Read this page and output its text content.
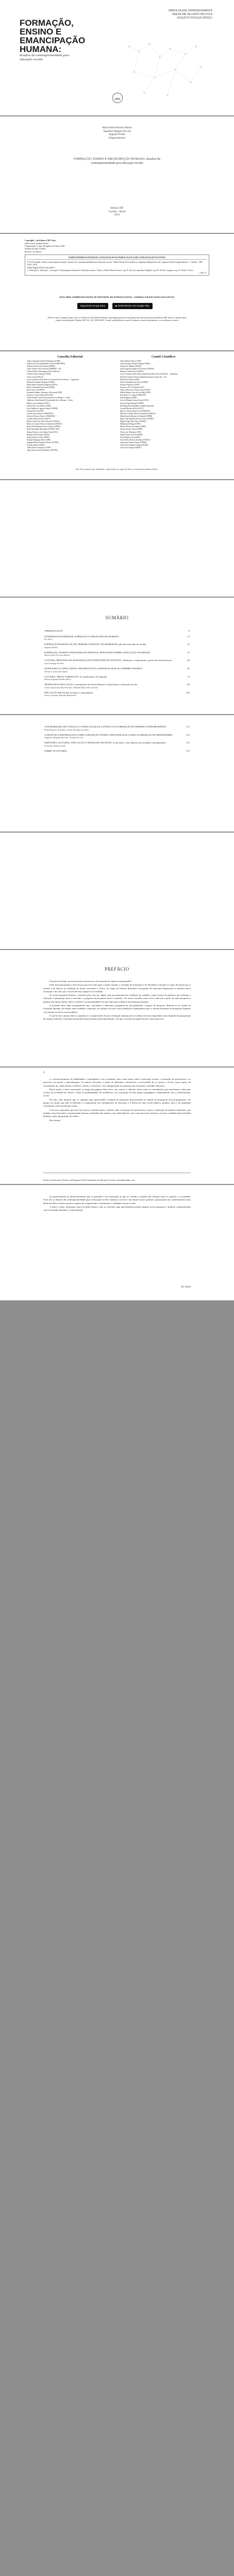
MARTA SILENE FERREIRA BARROS
JAQUELINE DELGADO PACCOLA
AUGUSTO PICKLER (ORGS.)
FORMAÇÃO, ENSINO E EMANCIPAÇÃO HUMANA:
desafios da contemporaneidade para educação escolar
CRV
Marta Silene Ferreira Barros
Jaqueline Delgado Paccola
Augusto Pickler
(Organizadores)
FORMAÇÃO, ENSINO E EMANCIPAÇÃO HUMANA: desafios da contemporaneidade para educação escolar
Editora CRV
Curitiba – Brasil
2019
Copyright © da Editora CRV Ltda.
Editor-chefe: Railson Moura
Diagramação e Capa: Designers da Editora CRV
Imagem da capa: Freepik
Revisão: Os Autores
DADOS INTERNACIONAIS DE CATALOGAÇÃO NA PUBLICAÇÃO (CIP) CATALOGAÇÃO NA FONTE
F723 Formação, ensino e emancipação humana: desafios da contemporaneidade para educação escolar / Marta Silene Ferreira Barros, Jaqueline Delgado Paccola, Augusto Pickler (organizadores) – Curitiba : CRV, 2019. 158 p.
ISBN Digital 978-85-444-3294-9
1. Educação 2. Educação – formação 3. Emancipação humana 4. Educação escolar I. Barros, Marta Silene Ferreira. org. II. Paccola, Jaqueline Delgado. org. III. Pickler, Augusto. org. IV. Título V. Série
CDU 37
ESTA OBRA TAMBÉM ENCONTRA-SE DISPONÍVEL EM FORMATO DIGITAL. CONHEÇA E BAIXE NOSSO APLICATIVO!
Disponível na App Store	▶ DISPONÍVEL NO Google Play
2019 Foi feito o depósito legal conf. Lei 10.994 de 14/12/2004 Proibida a reprodução parcial ou total desta obra sem autorização da Editora CRV Todos os direitos desta edição reservados pela: Editora CRV Tel.: (41) 3039-6418 - E-mail: sac@editoracrv.com.br Conheça os nossos lançamentos: www.editoracrv.com.br
Conselho Editorial:
Aldira Guimarães Duarte Domínguez (UNB)
Andréia da Silva Quintanilha Sousa (UNIR/UFRN)
Antônio Pereira Gaio Júnior (UFRRJ)
Carlos Alberto Vilar Estêvão (UMINHO – PT)
Carlos Federico Dominguez Avila (Unieuro)
Carmen Tereza Velanga (UNIR)
Celso Conti (UFSCar)
Cesar Gerónimo Tello (Univer. Nacional Três de Febrero – Argentina)
Eduardo Fernandes Barbosa (UFMG)
Elione Maria Nogueira Diogenes (UFAL)
Elizeu Clementino de Souza (UNEB)
Élsio José Corá (UFFS)
Fernando Antônio Gonçalves Alcoforado (IPB)
Francisco Carlos Duarte (PUC-PR)
Gloria Fariñas León (Universidade de La Havana – Cuba)
Guillermo Arias Beatón (Universidade de La Havana – Cuba)
Helmut von Linsingen (UFSC)
Jailson Alves dos Santos (UFRJ)
João Adalberto Campato Junior (UNESP)
Josania Portela (UFPI)
Leonel Severo Rocha (UNISINOS)
Lídia de Oliveira Xavier (UNIEURO)
Lourdes Helena da Silva (UFV)
Maria Cristina dos Santos Bezerra (UFSCar)
Maria de Lourdes Pinto de Almeida (UNOESC)
Maria Lília Imbiriba Sousa Colares (UFOPA)
Paulo Romualdo Hernandes (UNIFAL-MG)
Renato Francisco dos Santos Paula (UFG)
Rodrigo Pratte-Santos (UFES)
Sérgio Nunes de Jesus (IFRO)
Simone Rodrigues Pinto (UNB)
Solange Helena Ximenes-Rocha (UFOPA)
Sydione Santos (UEPG)
Tadeu Oliver Gonçalves (UFPA)
Tania Suely Azevedo Brasileiro (UFOPA)
Comitê Científico:
Altair Alberto Fávero (UPF)
Ana Chrystina Venancio Mignot (UERJ)
Andréia N. Militão (UEMS)
Anna Augusta Sampaio de Oliveira (UNESP)
Barbara Coelho Neves (UFBA)
Cesar Gerónimo Tello (Universidad Nacional de Três de Febrero – Argentina)
Diosnel Centurion (Universidad Americana de Asunción – Py)
Eliane Rose Maio (UEM)
Elizeu Clementino de Souza (UNEB)
Fauston Negreiros (UFPI)
Francisco Ari de Andrade (UFC)
Gláucia Maria dos Santos Jorge (UFOP)
Helder Buenos Aires de Carvalho (UFPI)
Ilma Passos A. Veiga (UNICEUB)
Inês Bragança (UERJ)
José de Ribamar Sousa Pereira (UCB)
Jussara Fraga Portugal (UNEB)
Kilwangy Kya Kapitango-a-Samba (Unemat)
Lourdes Helena da Silva (UFV)
Marcos Vinicius Francisco (UNOESTE)
Maria de Lourdes Pinto de Almeida (UNOESC)
Maria Eurácia Barreto de Andrade (UFRB)
Maria Lília Imbiriba Sousa Colares (UFOPA)
Míguel Angel Díaz-Pérez (UFSM)
Mohammed Elhajji (UFRJ)
Mônica Pereira dos Santos (UFRJ)
Najela Tavares Ujiie (UTFPR)
Nilson José Machado (USP)
Sérgio Nunes de Jesus (IFRO)
Silvia Regina Canan (URI)
Sonia Maria Ferreira Koehler (UNISAL)
Suzana dos Santos Gomes (UFMG)
Vânia Alves Martins Chaigar (FURG)
Vera Lucia Gaspar (UDESC)
Este livro passou por avaliação e aprovação às cegas de dois ou mais pareceristas ad hoc.
SUMÁRIO
APRESENTAÇÃO	9
INTERDISCIPLINARIDADE, FORMAÇÃO E EMANCIPAÇÃO HUMANA	13
Ivo Tonet
FORMAÇÃO HUMANA OU DO ORDEIRO CIDADÃO: DO HOMEM DE ação desconectado do sentido	21
Augusto Pickler
FORMAÇÃO, ENSINO E EMANCIPAÇÃO HUMANA: REFLEXÕES SOBRE A EDUCAÇÃO NO BRASIL	37
Marta Silene Ferreira Barros
CULTURA, PROCESSO DE HUMANIZAÇÃO E EMANCIPAÇÃO POLÍTICA: definição e compreensão a partir da teoria marxista	49
Luiz Gonzaga da Silva
QUEM EDUCA O EDUCADOR? UMA REFLEXÃO A PARTIR DO DIÁLOGO FREIRE-GRAMSCI	61
Antonio Carlos dos Santos
CULTURA, ARTE E FORMAÇÃO: as contribuições de Vygotski	75
Marisa Eugênia Melillo Meira
TRABALHO E EDUCAÇÃO: contribuições da Teoria Histórico-Cultural para a educação escolar	89
Cássia Aparecida Sala Pasinato; Ronaldo Raoni Alves Rocha
EDUCAÇÃO ESCOLAR: docência e emancipação	101
Laura Grezzana Marinho Bolsanello
CONTRADIÇÕES DO CAPITAL E O PAPEL DA ESCOLA PÚBLICA NA FORMAÇÃO DO HOMEM CONTEMPORÂNEO	111
Paulo Rogério de Souza; Carlos Henrique da Silva
A DIALÉTICA MATERIALISTA COMO CONCEPÇÃO TEÓRICO METODOLÓGICA PARA A FORMAÇÃO DE PROFESSORES	127
Jaqueline Delgado Paccola; Arnaldo Vicente
INDÚSTRIA CULTURAL, EDUCAÇÃO E TRABALHO DOCENTE: os docentes e seus dilemas na sociedade contemporânea	137
Leonardo Antonio Souza
SOBRE OS AUTORES	157
PREFÁCIO

É possível afirmar, na escola atual, um processo de formação de sujeitos emancipados?

Falar de emancipação é falar de um processo pelo qual o sujeito assume a condição de autonomia e de liberdade, tornando-se capaz de pensar por si mesmo e de intervir na realidade de forma consciente e crítica. Ao longo da história, diferentes concepções de educação disputaram os sentidos dessa formação e dos fins que a escola deveria cumprir na sociedade.

No atual momento histórico, marcado pela crise do capital, pela precarização das condições de trabalho e pelo avanço de políticas que reduzem a educação à preparação para o mercado, a pergunta inicial ganha novos contornos. Os textos reunidos neste livro, cada um a partir de uma perspectiva própria, procuram refletir sobre os limites e as possibilidades de uma educação voltada à emancipação humana.

A presente obra reúne pesquisadores que, vinculados a diferentes programas de pós-graduação e grupos de pesquisa, dedicam-se ao estudo da formação humana, da relação entre trabalho e educação, da cultura e da arte como mediações fundamentais para o desenvolvimento do psiquismo humano e da função social da escola pública.

O que há em comum entre os capítulos é a compreensão de que a formação humana não se realiza de forma espontânea, mas depende da apropriação da riqueza material e espiritual produzida historicamente pela humanidade, e de que a escola tem papel decisivo nesse processo.

9

e o desenvolvimento de habilidades e capacidades e dos conteúdos, bem como temas sobre a educação escolar, a formação de professores e os processos de ensino e aprendizagem. Os autores discutem, a partir de diferentes referenciais, a necessidade de se pensar a escola como espaço de socialização do conhecimento científico, artístico e filosófico, em contraposição às propostas que esvaziam o trabalho educativo.

Desse modo, o leitor encontrará, ao longo das páginas deste livro, um convite à reflexão crítica sobre as contradições que atravessam a educação escolar na sociedade de classes e sobre as possibilidades de resistência e de construção de uma prática pedagógica comprometida com a transformação social.

Por fim, cabe destacar que os capítulos aqui apresentados resultam de pesquisas desenvolvidas no âmbito de programas de pós-graduação e de grupos de estudo que têm se dedicado à compreensão dos fundamentos da educação e à defesa de uma escola pública, gratuita, laica e de qualidade socialmente referenciada para todos.

Com isso, esperamos que este livro possa contribuir para o debate sobre a formação de professores e para a construção de práticas educativas que tenham como horizonte a emancipação humana, entendida não apenas como ideal abstrato, mas como processo histórico concreto, mediado pela atividade humana e pela apropriação da cultura.

Boa leitura!

Doutor em Educação. Professor do Programa de Pós-Graduação em Educação. E-mail: contato@exemplo.com

do pertencimento ao desenvolvimento que se pretende e em construção do que se concebe a respeito das relações entre os sujeitos e a sociedade. Estes são os desafios da contemporaneidade para a educação escolar: repensar a escola e sua função social, garantir a apropriação dos conhecimentos mais desenvolvidos e formar sujeitos capazes de compreender e transformar a realidade em que vivem.

A todos e todas, desejamos uma excelente leitura e que as reflexões aqui apresentadas possam inspirar novas pesquisas e práticas comprometidas com a formação humana e a emancipação.

Ivo Tonet
